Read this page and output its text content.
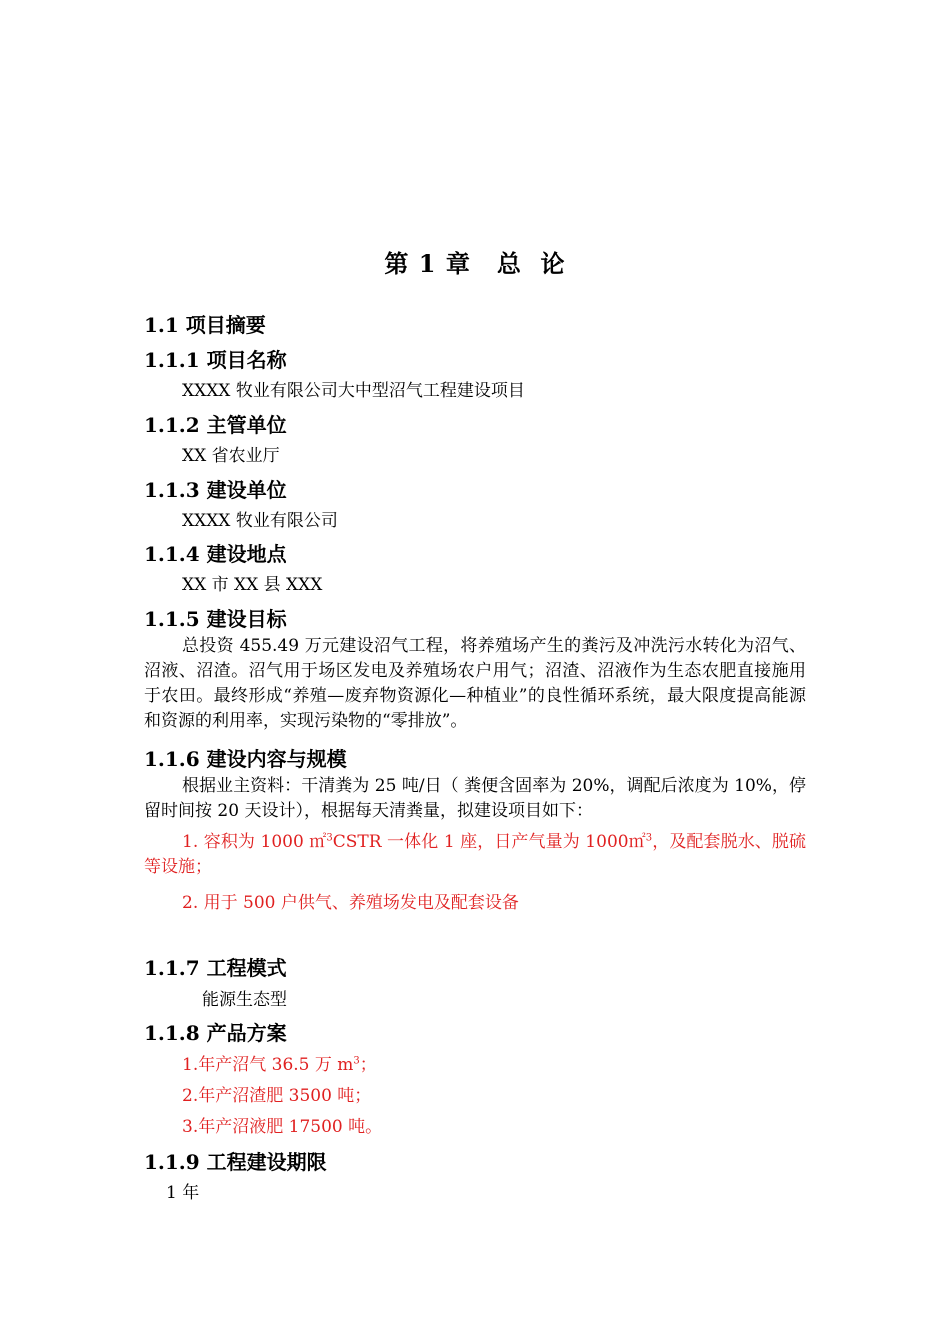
第 1 章 总  论
1.1 项目摘要
1.1.1 项目名称
XXXX 牧业有限公司大中型沼气工程建设项目
1.1.2 主管单位
XX 省农业厅
1.1.3 建设单位
XXXX 牧业有限公司
1.1.4 建设地点
XX 市 XX 县 XXX
1.1.5 建设目标
总投资 455.49 万元建设沼气工程，将养殖场产生的粪污及冲洗污水转化为沼气、沼液、沼渣。沼气用于场区发电及养殖场农户用气；沼渣、沼液作为生态农肥直接施用于农田。最终形成“养殖—废弃物资源化—种植业”的良性循环系统，最大限度提高能源和资源的利用率，实现污染物的“零排放”。
1.1.6 建设内容与规模
根据业主资料：干清粪为 25 吨/日（ 粪便含固率为 20%，调配后浓度为 10%，停留时间按 20 天设计），根据每天清粪量，拟建设项目如下：
1. 容积为 1000 ㎡$^3$CSTR 一体化 1 座，日产气量为 1000㎡$^3$，及配套脱水、脱硫等设施；
2. 用于 500 户供气、养殖场发电及配套设备
1.1.7 工程模式
能源生态型
1.1.8 产品方案
1.年产沼气 36.5 万 $m^3$；
2.年产沼渣肥 3500 吨；
3.年产沼液肥 17500 吨。
1.1.9 工程建设期限
1 年
